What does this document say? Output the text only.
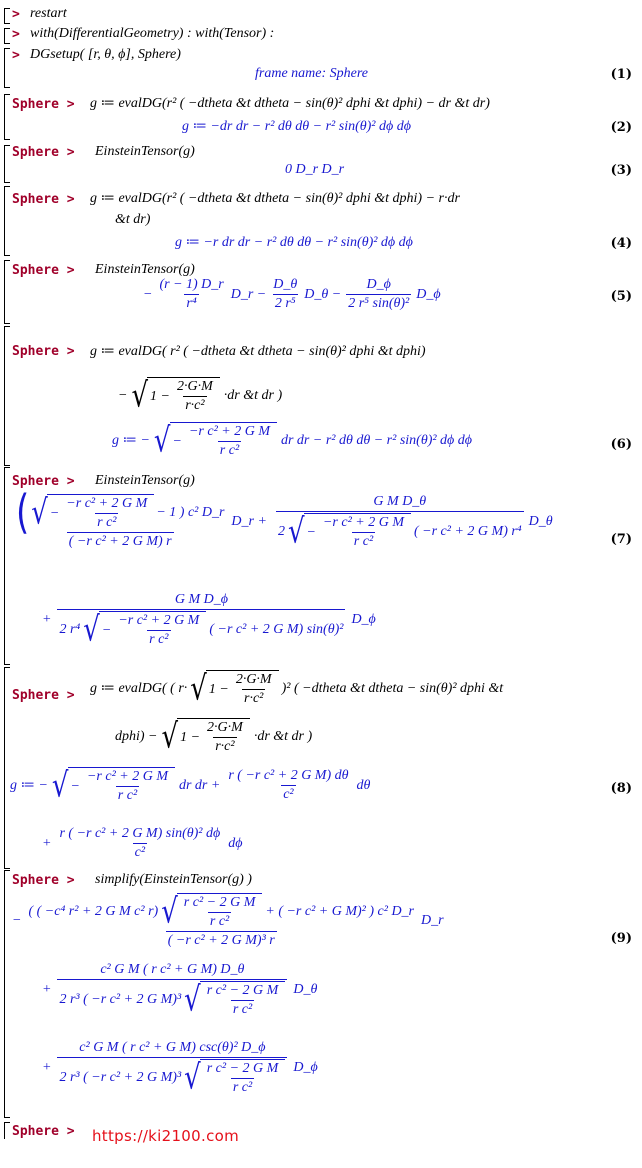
> restart
> with(DifferentialGeometry) : with(Tensor) :
> DGsetup( [r, θ, ϕ], Sphere)
frame name: Sphere	(1)
Sphere > g ≔ evalDG(r² ( −dtheta &t dtheta − sin(θ)² dphi &t dphi) − dr &t dr)
g ≔ −dr dr − r² dθ dθ − r² sin(θ)² dϕ dϕ	(2)
Sphere > EinsteinTensor(g)
0 D_r D_r	(3)
Sphere > g ≔ evalDG(r² ( −dtheta &t dtheta − sin(θ)² dphi &t dphi) − r·dr
&t dr)
g ≔ −r dr dr − r² dθ dθ − r² sin(θ)² dϕ dϕ	(4)
Sphere > EinsteinTensor(g)
− $\frac{(r - 1) D\_r}{\text{r⁴}}$ D_r − $\frac{D\_\theta}{\text{2 r⁵}}$ D_θ − $\frac{D\_\phi}{\text{2 r⁵ sin(θ)²}}$ D_ϕ	(5)
Sphere > g ≔ evalDG( r² ( −dtheta &t dtheta − sin(θ)² dphi &t dphi)
− √ $1 - \frac{2\cdot G\cdot M}{\text{r·c²}} \cdot dr$ &t dr )
g ≔ − √ − $\frac{\text{−r c² + 2 G M}}{\text{r c²}}$ dr dr − r² dθ dθ − r² sin(θ)² dϕ dϕ	(6)
Sphere > EinsteinTensor(g)
( √ − $\frac{\text{−r c² + 2 G M}}{\text{r c²}} - 1$ ) c² D_r
( −r c² + 2 G M) r
D_r +
G M D_θ
2 √ − $\frac{\text{−r c² + 2 G M}}{\text{r c²}}$ ( −r c² + 2 G M) r⁴
D_θ
(7)
+
G M D_ϕ
2 r⁴ √ − $\frac{\text{−r c² + 2 G M}}{\text{r c²}}$ ( −r c² + 2 G M) sin(θ)²
D_ϕ
Sphere > g ≔ evalDG( ( r· √ $1 - \frac{2\cdot G\cdot M}{\text{r·c²}} )^2$ ( −dtheta &t dtheta − sin(θ)² dphi &t
dphi) − √ $1 - \frac{2\cdot G\cdot M}{\text{r·c²}} \cdot dr$ &t dr )
g ≔ − √ − $\frac{\text{−r c² + 2 G M}}{\text{r c²}}$ dr dr + $\frac{\text{r ( −r c² + 2 G M) dθ}}{\text{c²}}$ dθ	(8)
+ $\frac{\text{r ( −r c² + 2 G M) sin(θ)² dϕ}}{\text{c²}}$ dϕ
Sphere > simplify(EinsteinTensor(g) )
−
( ( −c⁴ r² + 2 G M c² r) √ $\frac{\text{r c² − 2 G M}}{\text{r c²}}$ + ( −r c² + G M)² ) c² D_r
( −r c² + 2 G M)³ r
D_r
(9)
+ $\frac{\text{c² G M ( r c² + G M) D\_θ}}{2 r^3 ( -r c^2 + 2 G M)^3 √ \frac{\text{r c² − 2 G M}}{\text{r c²}}}$ D_θ
+ $\frac{\text{c² G M ( r c² + G M) csc(θ)² D\_ϕ}}{2 r^3 ( -r c^2 + 2 G M)^3 √ \frac{\text{r c² − 2 G M}}{\text{r c²}}}$ D_ϕ
Sphere > https://ki2100.com
